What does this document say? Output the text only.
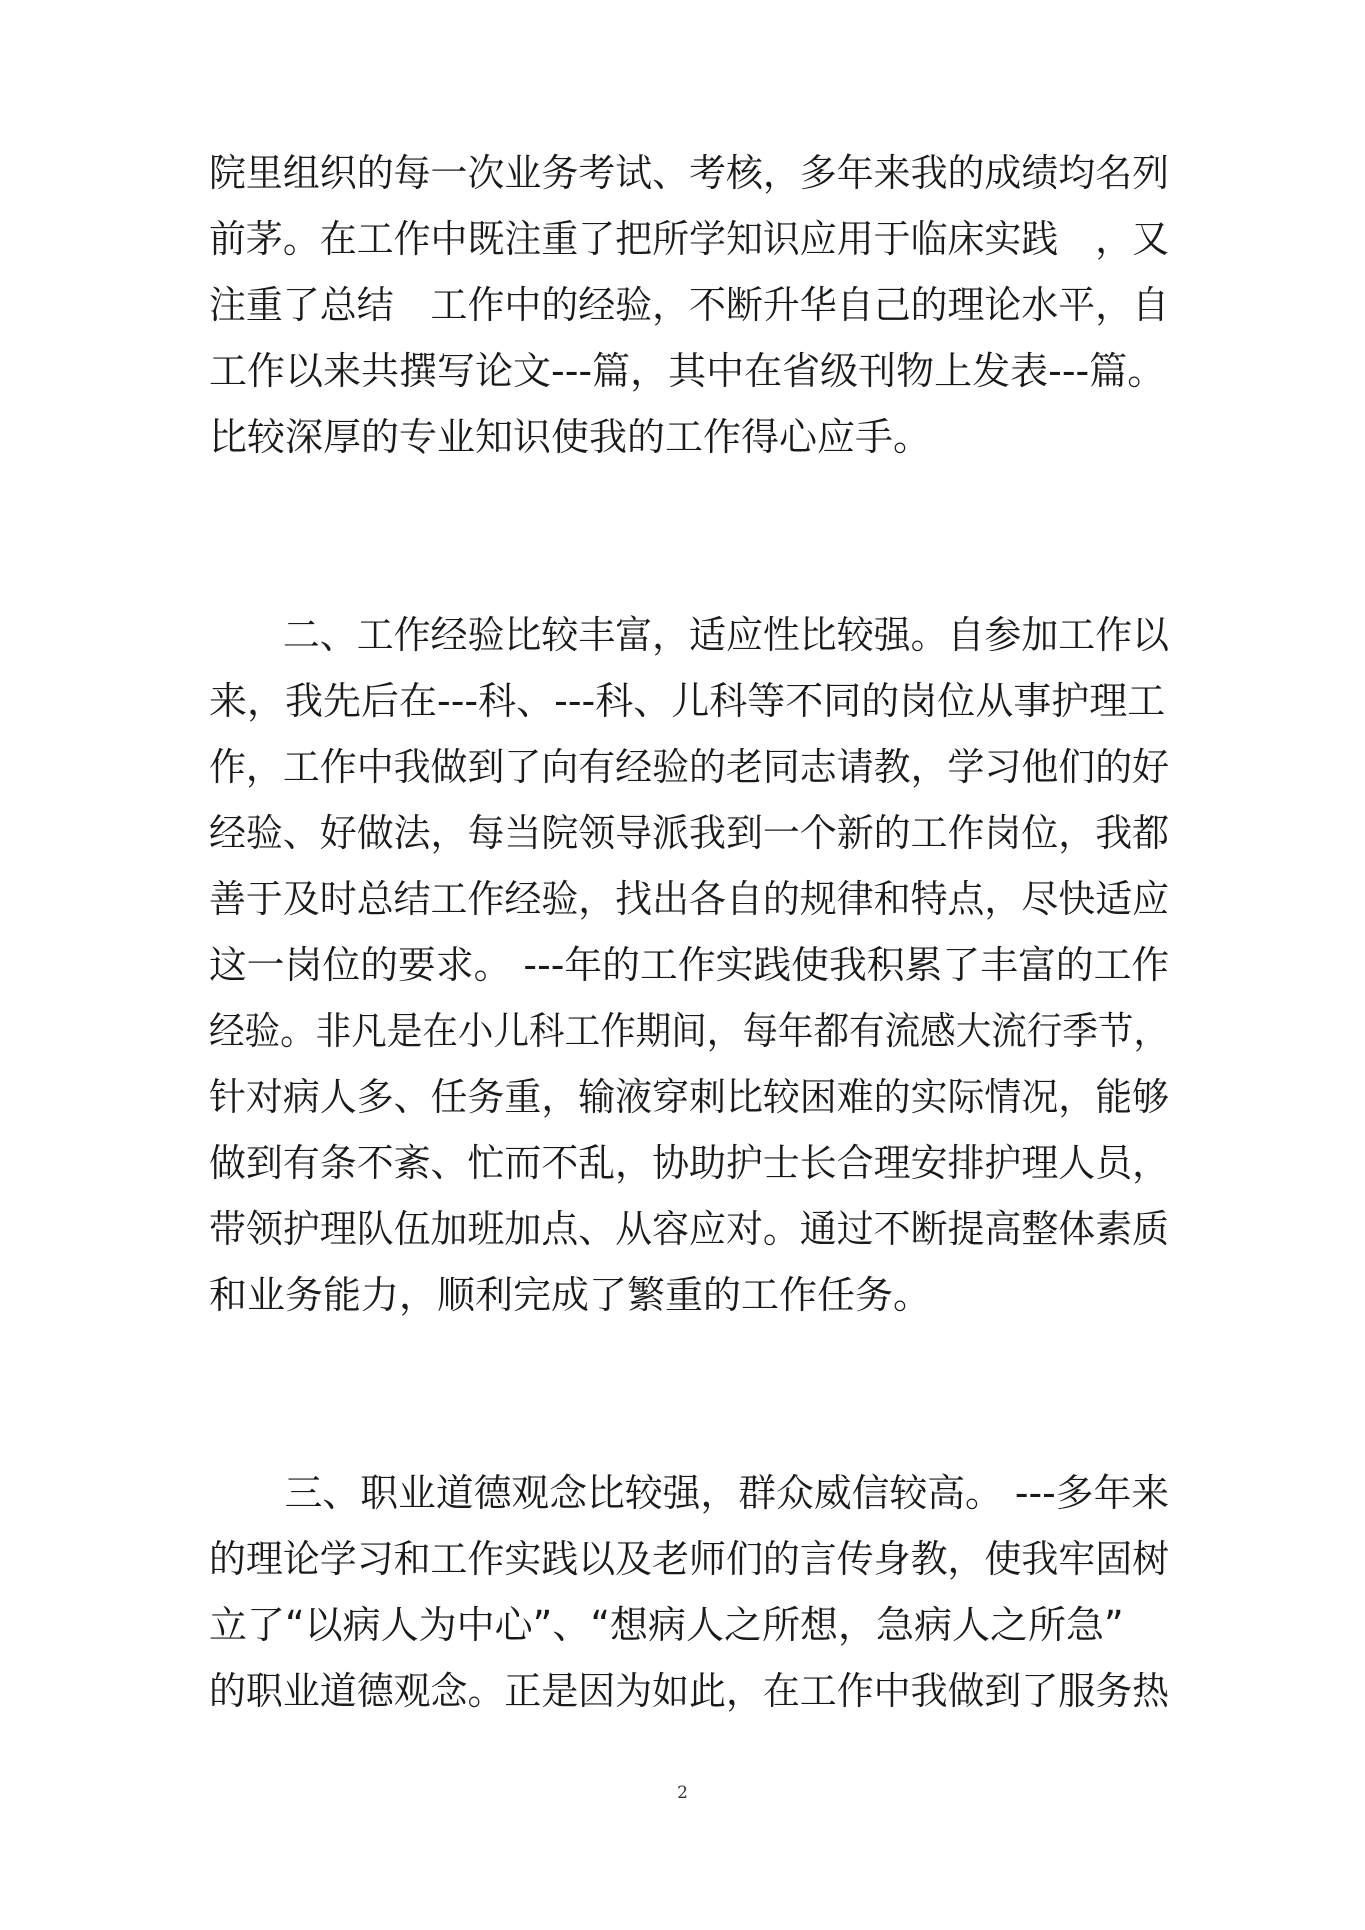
院里组织的每一次业务考试、考核，多年来我的成绩均名列
前茅。在工作中既注重了把所学知识应用于临床实践　，又
注重了总结　工作中的经验，不断升华自己的理论水平，自
工作以来共撰写论文---篇，其中在省级刊物上发表---篇。
比较深厚的专业知识使我的工作得心应手。
　　二、工作经验比较丰富，适应性比较强。自参加工作以
来，我先后在---科、---科、儿科等不同的岗位从事护理工
作，工作中我做到了向有经验的老同志请教，学习他们的好
经验、好做法，每当院领导派我到一个新的工作岗位，我都
善于及时总结工作经验，找出各自的规律和特点，尽快适应
这一岗位的要求。 ---年的工作实践使我积累了丰富的工作
经验。非凡是在小儿科工作期间，每年都有流感大流行季节，
针对病人多、任务重，输液穿刺比较困难的实际情况，能够
做到有条不紊、忙而不乱，协助护士长合理安排护理人员，
带领护理队伍加班加点、从容应对。通过不断提高整体素质
和业务能力，顺利完成了繁重的工作任务。
　　三、职业道德观念比较强，群众威信较高。 ---多年来
的理论学习和工作实践以及老师们的言传身教，使我牢固树
立了“以病人为中心”、“想病人之所想，急病人之所急”
的职业道德观念。正是因为如此，在工作中我做到了服务热
2
